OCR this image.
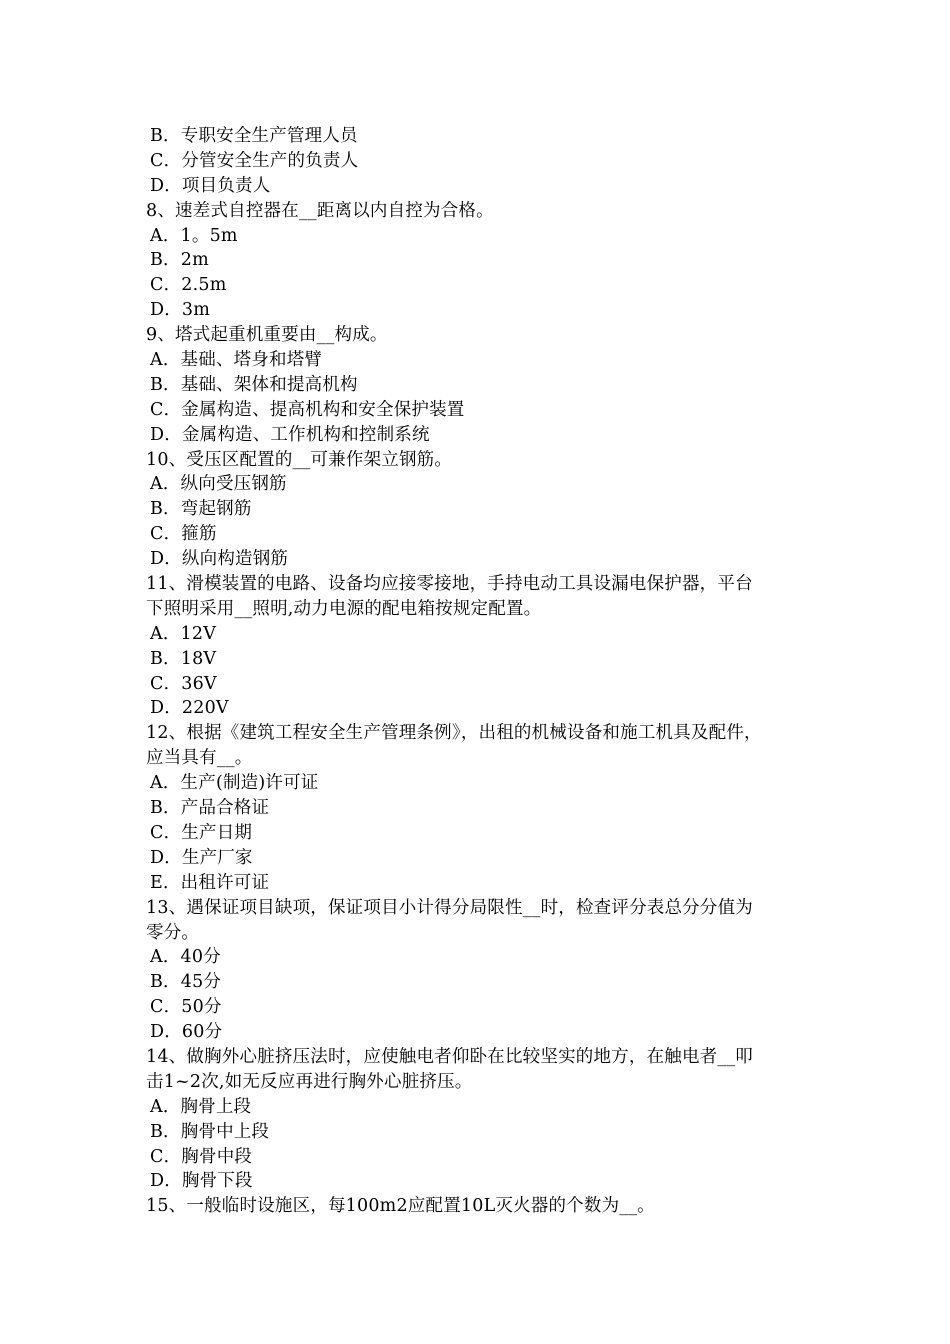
B．专职安全生产管理人员
C．分管安全生产的负责人
D．项目负责人
8、速差式自控器在__距离以内自控为合格。
A．1。5m
B．2m
C．2.5m
D．3m
9、塔式起重机重要由__构成。
A．基础、塔身和塔臂
B．基础、架体和提高机构
C．金属构造、提高机构和安全保护装置
D．金属构造、工作机构和控制系统
10、受压区配置的__可兼作架立钢筋。
A．纵向受压钢筋
B．弯起钢筋
C．箍筋
D．纵向构造钢筋
11、滑模装置的电路、设备均应接零接地，手持电动工具设漏电保护器，平台
下照明采用__照明,动力电源的配电箱按规定配置。
A．12V
B．18V
C．36V
D．220V
12、根据《建筑工程安全生产管理条例》，出租的机械设备和施工机具及配件，
应当具有__。
A．生产(制造)许可证
B．产品合格证
C．生产日期
D．生产厂家
E．出租许可证
13、遇保证项目缺项，保证项目小计得分局限性__时，检查评分表总分分值为
零分。
A．40分
B．45分
C．50分
D．60分
14、做胸外心脏挤压法时，应使触电者仰卧在比较坚实的地方，在触电者__叩
击1~2次,如无反应再进行胸外心脏挤压。
A．胸骨上段
B．胸骨中上段
C．胸骨中段
D．胸骨下段
15、一般临时设施区，每100m2应配置10L灭火器的个数为__。
